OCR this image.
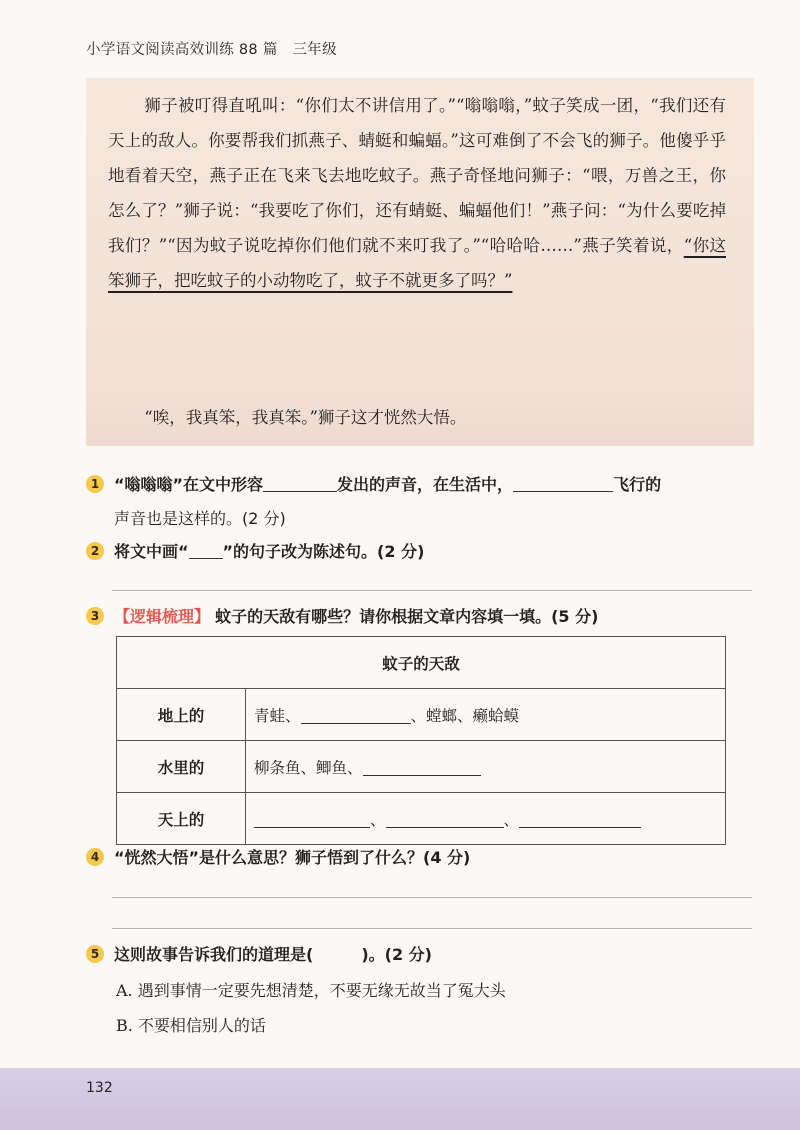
小学语文阅读高效训练 88 篇　三年级

狮子被叮得直吼叫：“你们太不讲信用了。”“嗡嗡嗡，”蚊子笑成一团，“我们还有天上的敌人。你要帮我们抓燕子、蜻蜓和蝙蝠。”这可难倒了不会飞的狮子。他傻乎乎地看着天空，燕子正在飞来飞去地吃蚊子。燕子奇怪地问狮子：“喂，万兽之王，你怎么了？”狮子说：“我要吃了你们，还有蜻蜓、蝙蝠他们！”燕子问：“为什么要吃掉我们？”“因为蚊子说吃掉你们他们就不来叮我了。”“哈哈哈……”燕子笑着说，“你这笨狮子，把吃蚊子的小动物吃了，蚊子不就更多了吗？”

“唉，我真笨，我真笨。”狮子这才恍然大悟。

1 “嗡嗡嗡”在文中形容	发出的声音，在生活中，	飞行的
声音也是这样的。(2 分)
2 将文中画“ ”的句子改为陈述句。(2 分)
3 【逻辑梳理】 蚊子的天敌有哪些？请你根据文章内容填一填。(5 分)
蚊子的天敌	
地上的	青蛙、 、螳螂、癞蛤蟆
水里的	柳条鱼、鲫鱼、
天上的	、 、
4 “恍然大悟”是什么意思？狮子悟到了什么？(4 分)
5 这则故事告诉我们的道理是(　　　)。(2 分)
A. 遇到事情一定要先想清楚，不要无缘无故当了冤大头
B. 不要相信别人的话
132
